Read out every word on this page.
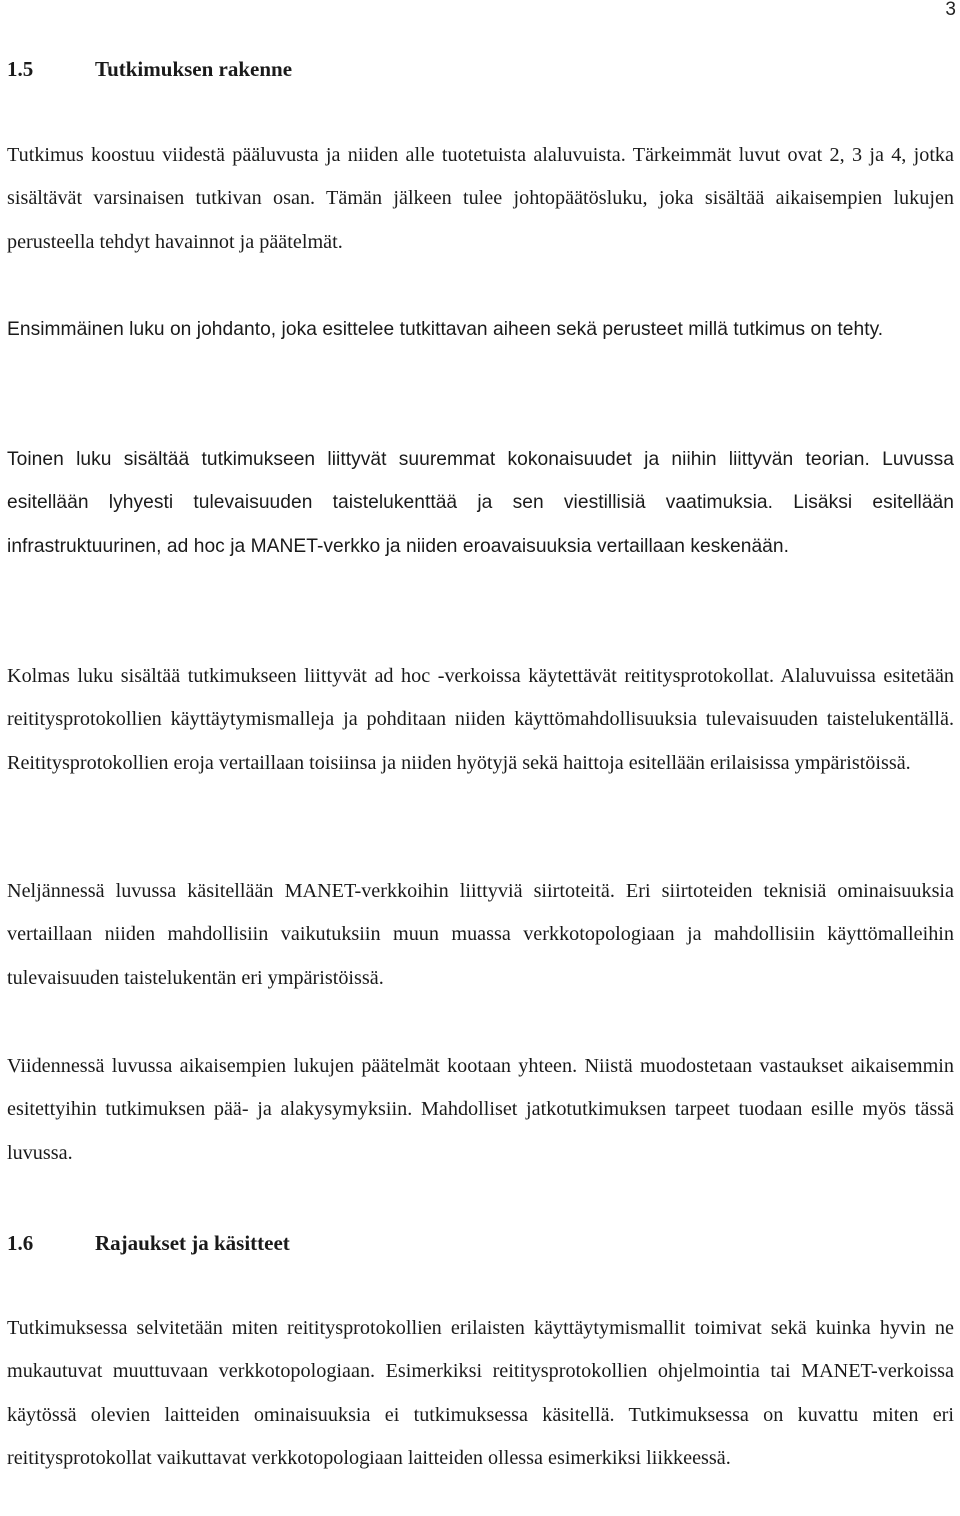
3
1.5	Tutkimuksen rakenne

Tutkimus koostuu viidestä pääluvusta ja niiden alle tuotetuista alaluvuista. Tärkeimmät luvut ovat 2, 3 ja 4, jotka sisältävät varsinaisen tutkivan osan. Tämän jälkeen tulee johtopäätösluku, joka sisältää aikaisempien lukujen perusteella tehdyt havainnot ja päätelmät.

Ensimmäinen luku on johdanto, joka esittelee tutkittavan aiheen sekä perusteet millä tutkimus on tehty.

Toinen luku sisältää tutkimukseen liittyvät suuremmat kokonaisuudet ja niihin liittyvän teorian. Luvussa esitellään lyhyesti tulevaisuuden taistelukenttää ja sen viestillisiä vaatimuksia. Lisäksi esitellään infrastruktuurinen, ad hoc ja MANET-verkko ja niiden eroavaisuuksia vertaillaan keskenään.

Kolmas luku sisältää tutkimukseen liittyvät ad hoc -verkoissa käytettävät reititysprotokollat. Alaluvuissa esitetään reititysprotokollien käyttäytymismalleja ja pohditaan niiden käyttömahdollisuuksia tulevaisuuden taistelukentällä. Reititysprotokollien eroja vertaillaan toisiinsa ja niiden hyötyjä sekä haittoja esitellään erilaisissa ympäristöissä.

Neljännessä luvussa käsitellään MANET-verkkoihin liittyviä siirtoteitä. Eri siirtoteiden teknisiä ominaisuuksia vertaillaan niiden mahdollisiin vaikutuksiin muun muassa verkkotopologiaan ja mahdollisiin käyttömalleihin tulevaisuuden taistelukentän eri ympäristöissä.

Viidennessä luvussa aikaisempien lukujen päätelmät kootaan yhteen. Niistä muodostetaan vastaukset aikaisemmin esitettyihin tutkimuksen pää- ja alakysymyksiin. Mahdolliset jatkotutkimuksen tarpeet tuodaan esille myös tässä luvussa.

1.6	Rajaukset ja käsitteet

Tutkimuksessa selvitetään miten reititysprotokollien erilaisten käyttäytymismallit toimivat sekä kuinka hyvin ne mukautuvat muuttuvaan verkkotopologiaan. Esimerkiksi reititysprotokollien ohjelmointia tai MANET-verkoissa käytössä olevien laitteiden ominaisuuksia ei tutkimuksessa käsitellä. Tutkimuksessa on kuvattu miten eri reititysprotokollat vaikuttavat verkkotopologiaan laitteiden ollessa esimerkiksi liikkeessä.
